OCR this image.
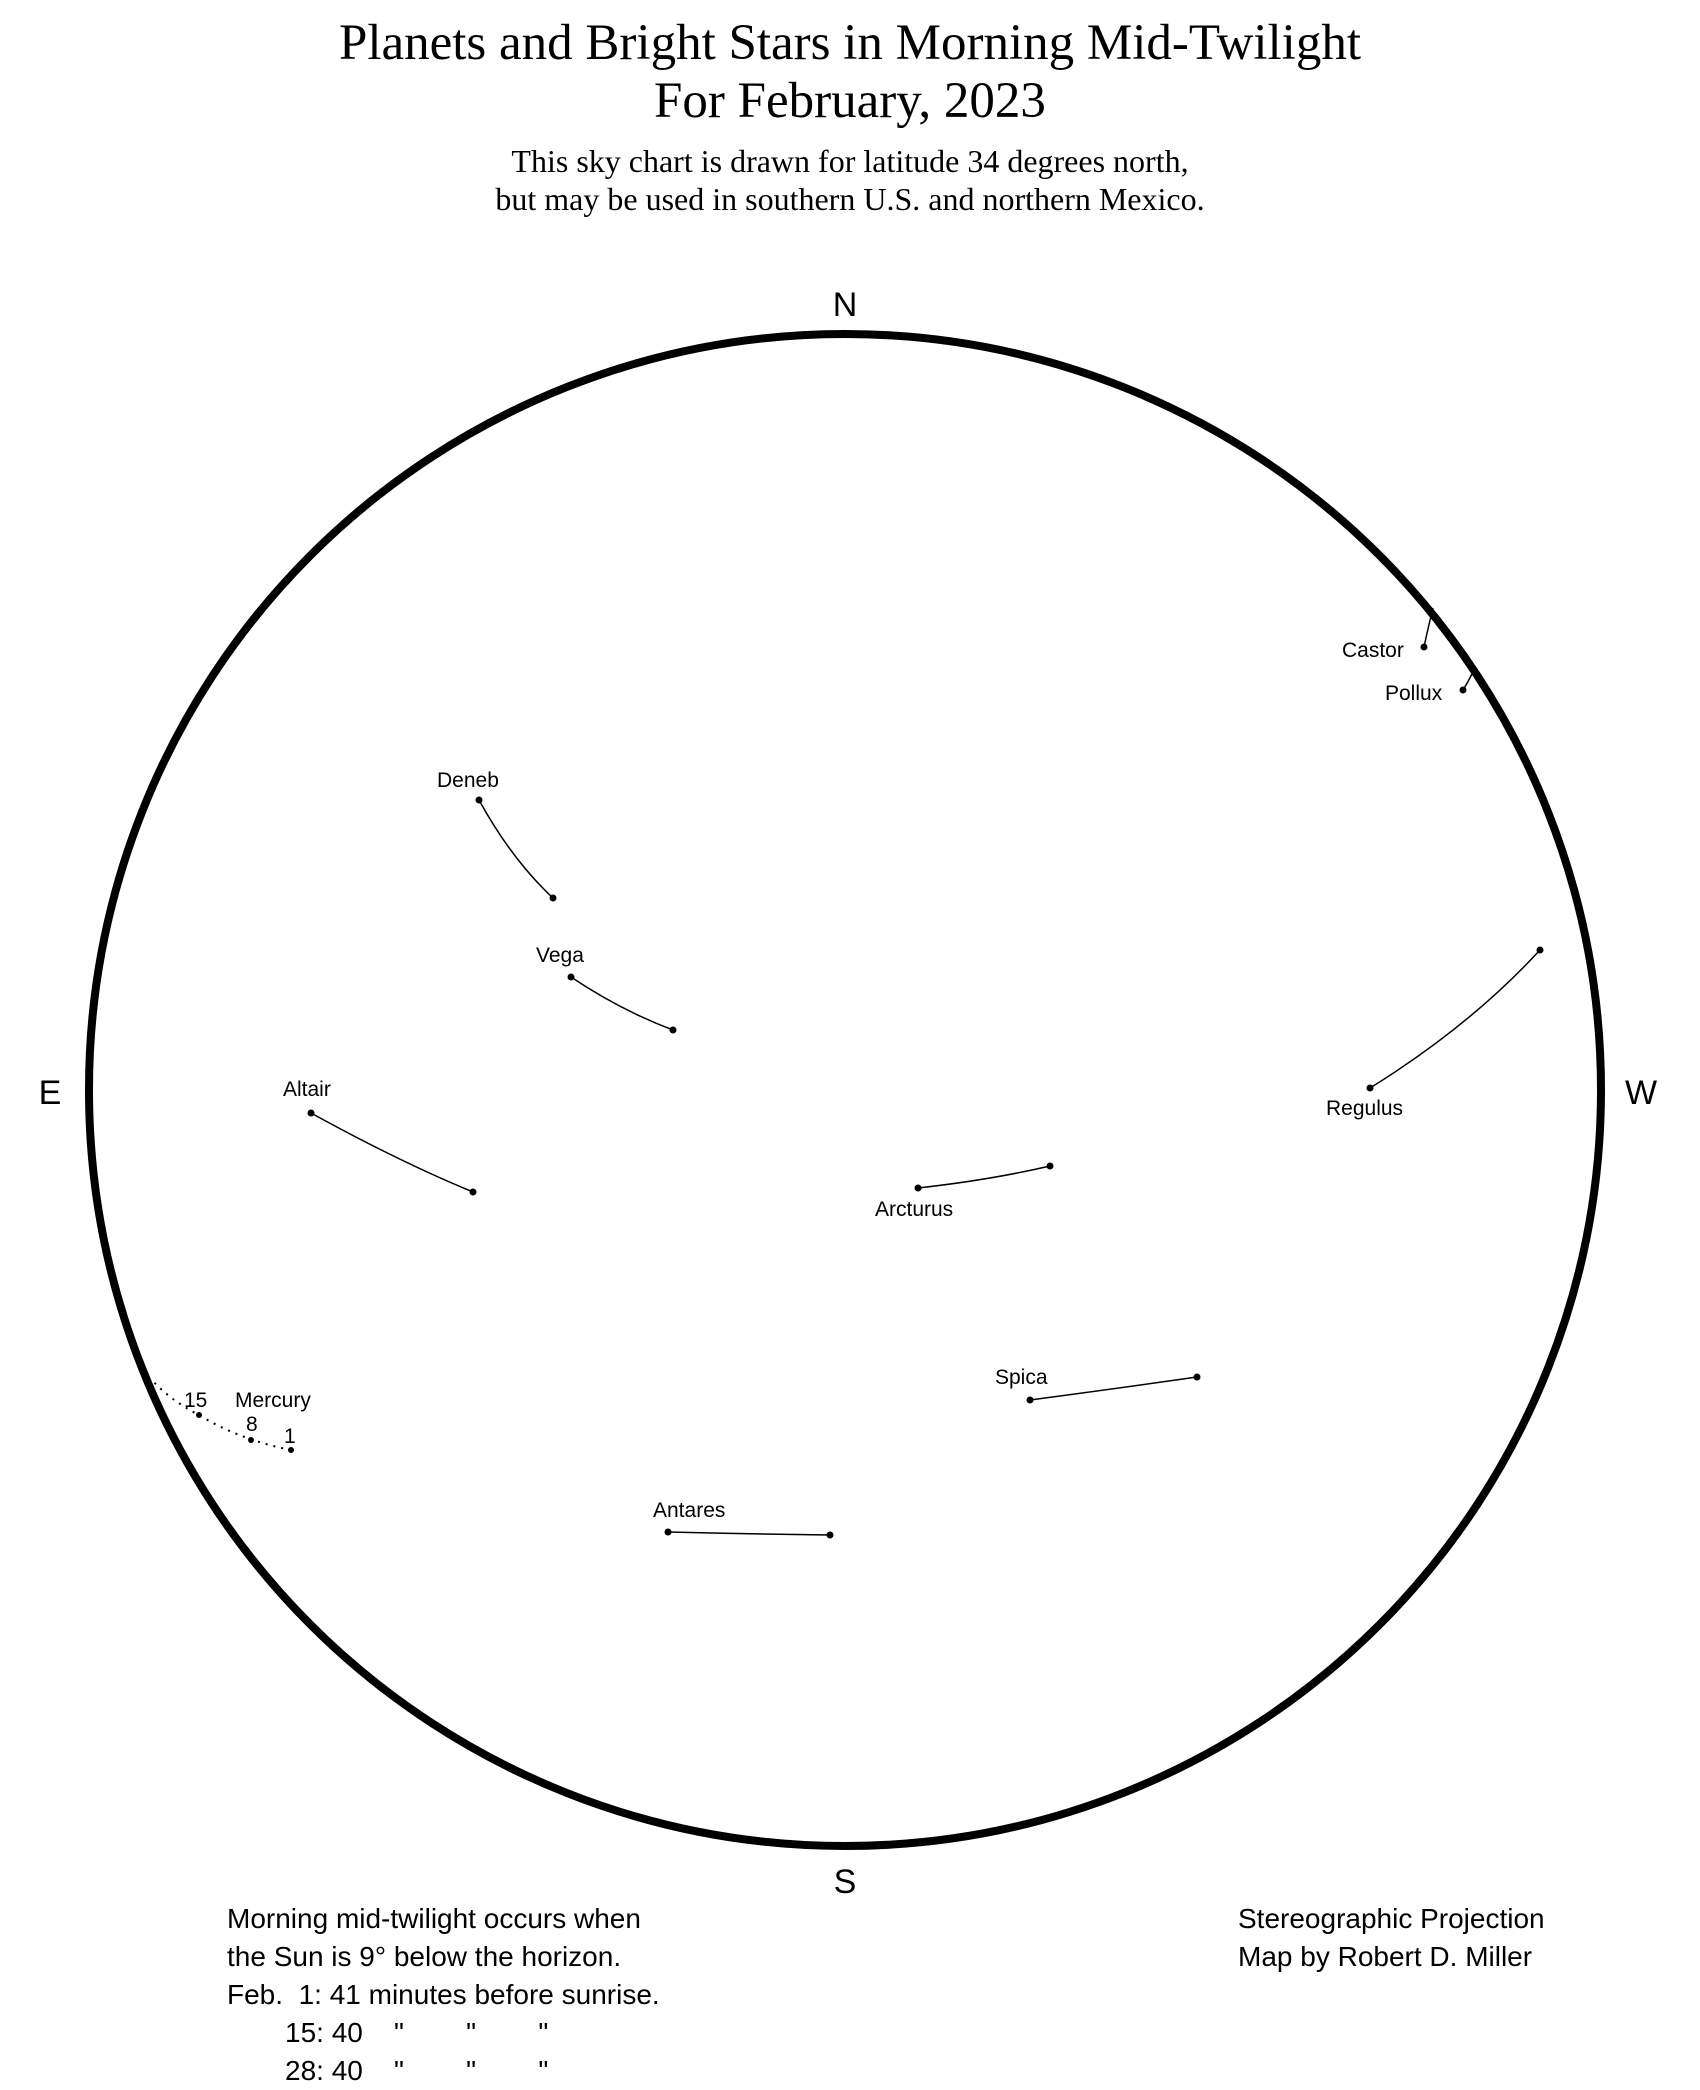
Planets and Bright Stars in Morning Mid-Twilight
For February, 2023
This sky chart is drawn for latitude 34 degrees north,
but may be used in southern U.S. and northern Mexico.
N
S
E	W
Castor
Pollux
Deneb
Vega
Altair
Regulus
Arcturus
Spica
Antares
15
8
1
Mercury
Morning mid-twilight occurs when
the Sun is 9° below the horizon.
Feb.  1: 41 minutes before sunrise.
15: 40    "        "        "
28: 40    "        "        "
Stereographic Projection
Map by Robert D. Miller
